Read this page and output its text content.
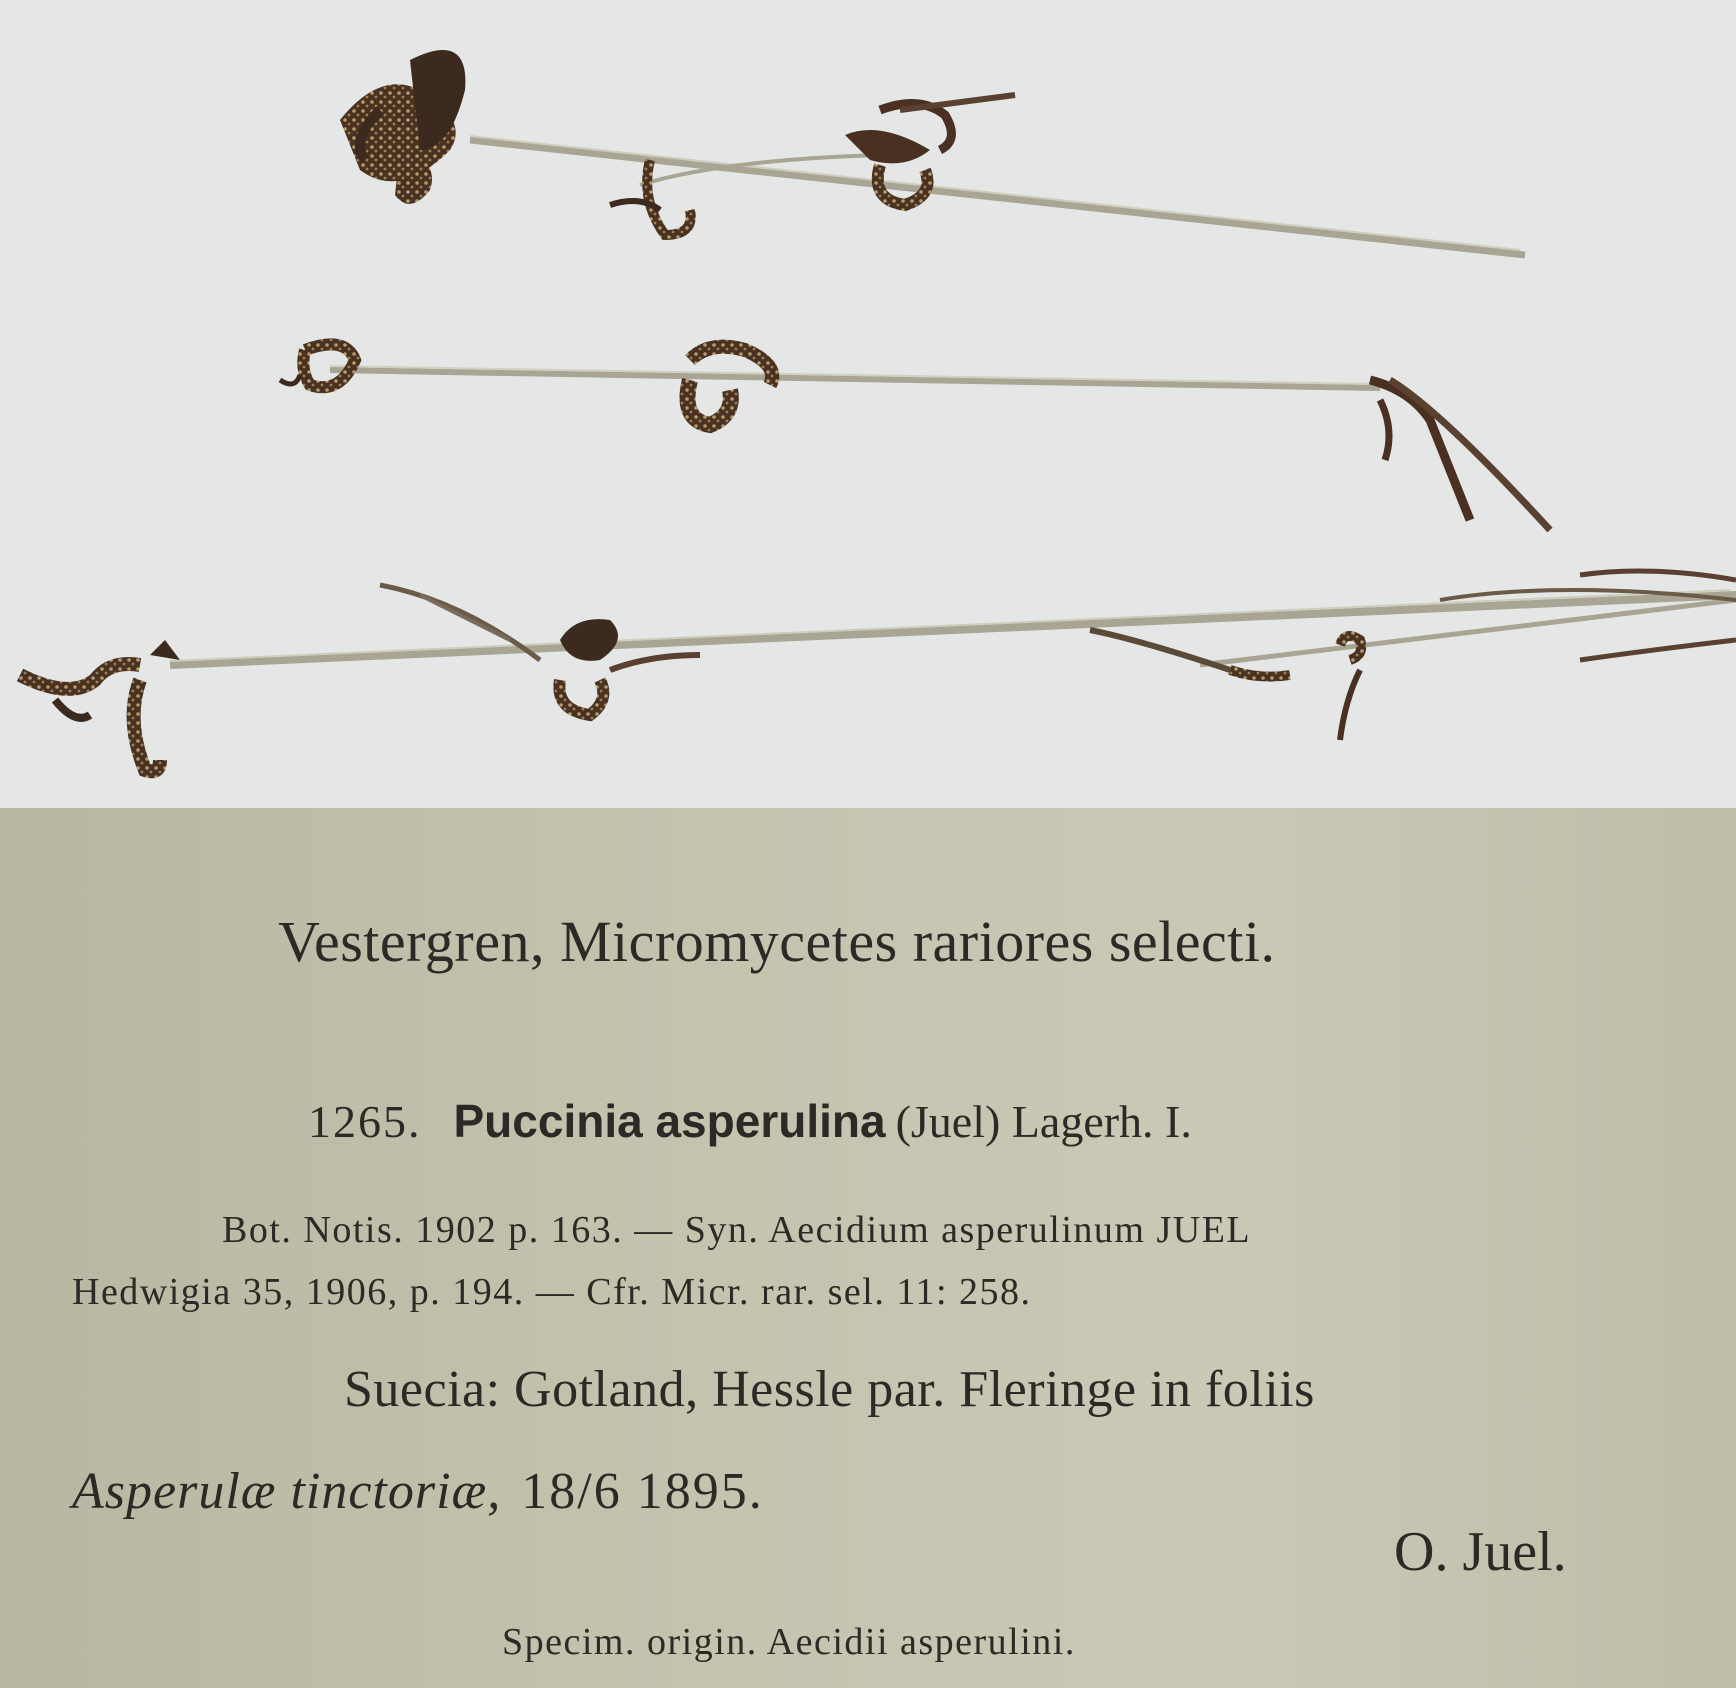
Vestergren, Micromycetes rariores selecti.
1265. Puccinia asperulina (Juel) Lagerh. I.
Bot. Notis. 1902 p. 163. — Syn. Aecidium asperulinum JUEL
Hedwigia 35, 1906, p. 194. — Cfr. Micr. rar. sel. 11: 258.
Suecia: Gotland, Hessle par. Fleringe in foliis
Asperulæ tinctoriæ, 18/6 1895.
O. Juel.
Specim. origin. Aecidii asperulini.
